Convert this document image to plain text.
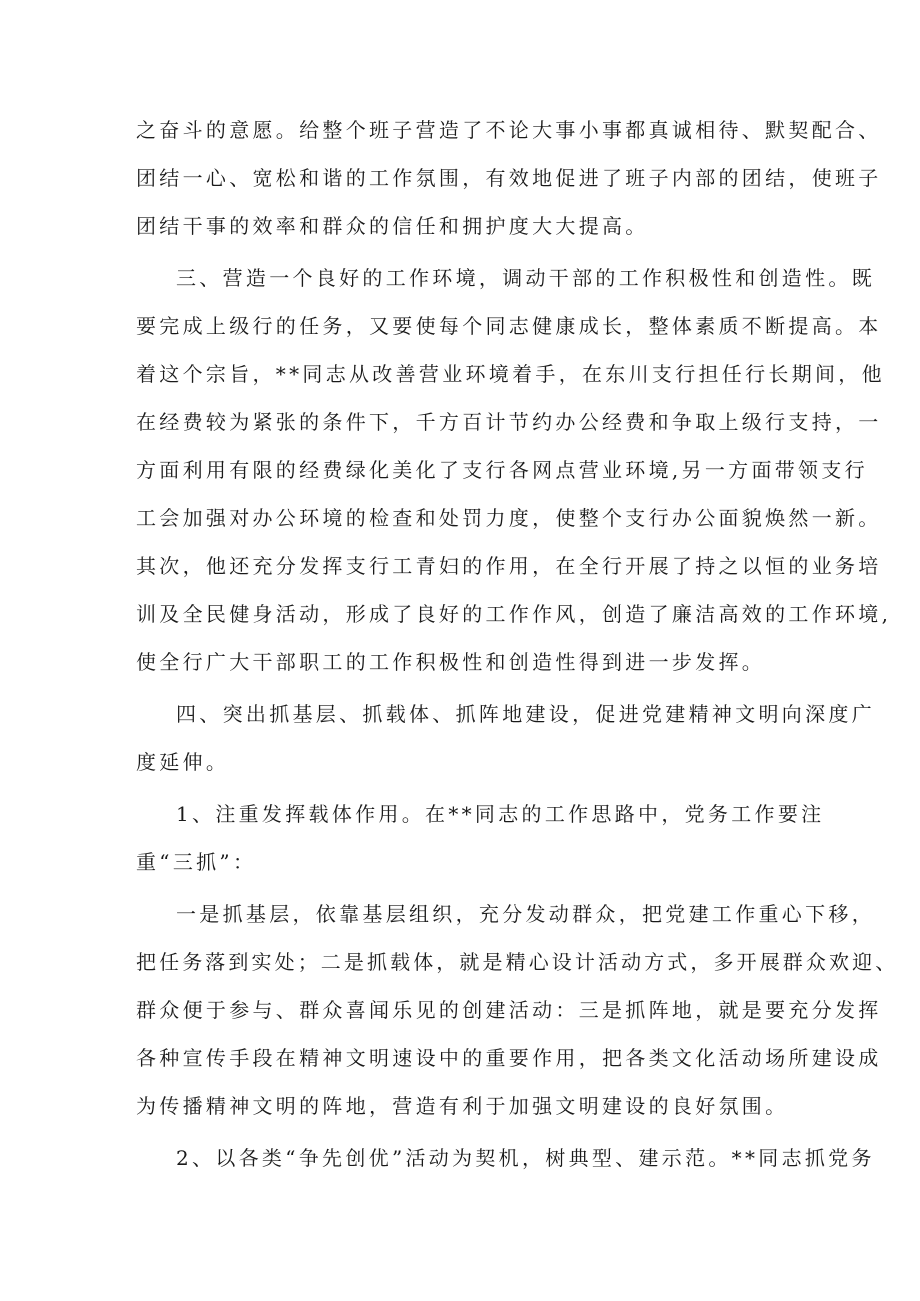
之奋斗的意愿。给整个班子营造了不论大事小事都真诚相待、默契配合、
团结一心、宽松和谐的工作氛围，有效地促进了班子内部的团结，使班子
团结干事的效率和群众的信任和拥护度大大提高。
三、营造一个良好的工作环境，调动干部的工作积极性和创造性。既
要完成上级行的任务，又要使每个同志健康成长，整体素质不断提高。本
着这个宗旨，**同志从改善营业环境着手，在东川支行担任行长期间，他
在经费较为紧张的条件下，千方百计节约办公经费和争取上级行支持，一
方面利用有限的经费绿化美化了支行各网点营业环境,另一方面带领支行
工会加强对办公环境的检查和处罚力度，使整个支行办公面貌焕然一新。
其次，他还充分发挥支行工青妇的作用，在全行开展了持之以恒的业务培
训及全民健身活动，形成了良好的工作作风，创造了廉洁高效的工作环境,
使全行广大干部职工的工作积极性和创造性得到进一步发挥。
四、突出抓基层、抓载体、抓阵地建设，促进党建精神文明向深度广
度延伸。
1、注重发挥载体作用。在**同志的工作思路中，党务工作要注
重“三抓”：
一是抓基层，依靠基层组织，充分发动群众，把党建工作重心下移，
把任务落到实处；二是抓载体，就是精心设计活动方式，多开展群众欢迎、
群众便于参与、群众喜闻乐见的创建活动：三是抓阵地，就是要充分发挥
各种宣传手段在精神文明速设中的重要作用，把各类文化活动场所建设成
为传播精神文明的阵地，营造有利于加强文明建设的良好氛围。
2、以各类“争先创优”活动为契机，树典型、建示范。**同志抓党务
